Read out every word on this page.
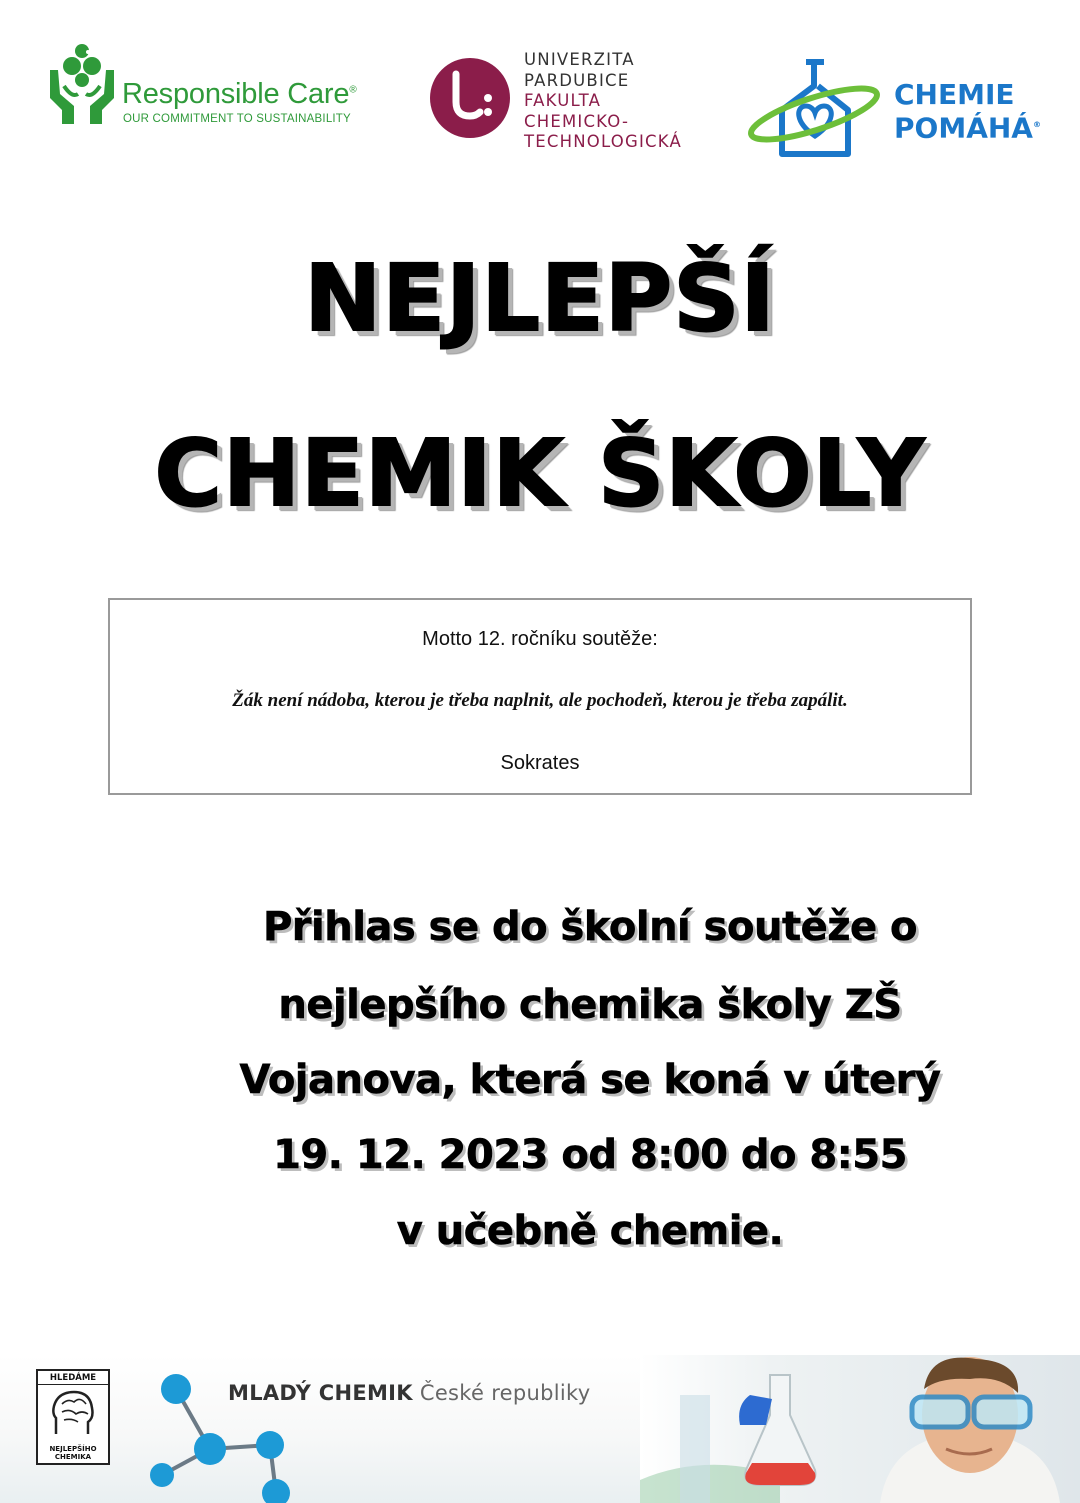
Responsible Care®
OUR COMMITMENT TO SUSTAINABILITY
UNIVERZITA
PARDUBICE
FAKULTA
CHEMICKO-
TECHNOLOGICKÁ
CHEMIE
POMÁHÁ®
NEJLEPŠÍ
CHEMIK ŠKOLY
Motto 12. ročníku soutěže:
Žák není nádoba, kterou je třeba naplnit, ale pochodeň, kterou je třeba zapálit.
Sokrates
Přihlas se do školní soutěže o
nejlepšího chemika školy ZŠ
Vojanova, která se koná v úterý
19. 12. 2023 od 8:00 do 8:55
v učebně chemie.
HLEDÁME
NEJLEPŠÍHO
CHEMIKA
MLADÝ CHEMIK České republiky
